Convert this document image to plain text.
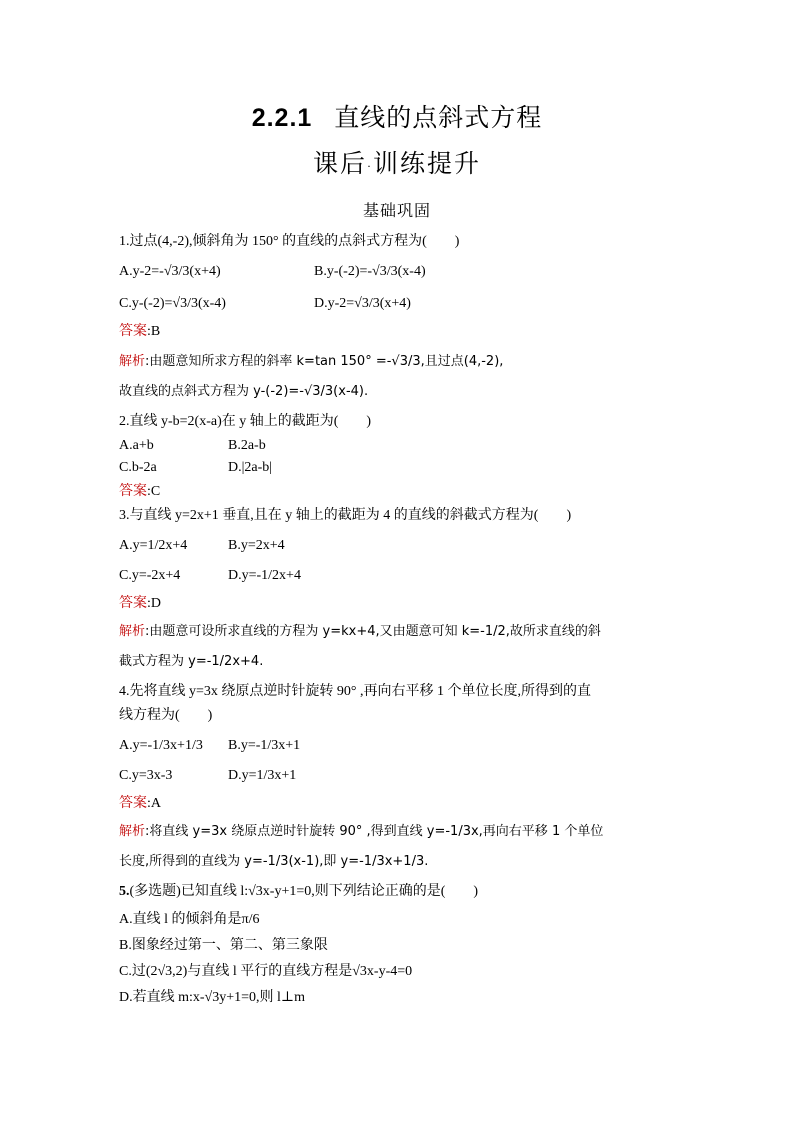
2.2.1 直线的点斜式方程
课后·训练提升
基础巩固
1.过点(4,-2),倾斜角为 150° 的直线的点斜式方程为(　　)
A.y-2=-√3/3(x+4)	B.y-(-2)=-√3/3(x-4)
C.y-(-2)=√3/3(x-4)	D.y-2=√3/3(x+4)
答案:B
解析:由题意知所求方程的斜率 k=tan 150° =-√3/3,且过点(4,-2),
故直线的点斜式方程为 y-(-2)=-√3/3(x-4).
2.直线 y-b=2(x-a)在 y 轴上的截距为(　　)
A.a+b	B.2a-b
C.b-2a	D.|2a-b|
答案:C
3.与直线 y=2x+1 垂直,且在 y 轴上的截距为 4 的直线的斜截式方程为(　　)
A.y=1/2x+4	B.y=2x+4
C.y=-2x+4	D.y=-1/2x+4
答案:D
解析:由题意可设所求直线的方程为 y=kx+4,又由题意可知 k=-1/2,故所求直线的斜
截式方程为 y=-1/2x+4.
4.先将直线 y=3x 绕原点逆时针旋转 90° ,再向右平移 1 个单位长度,所得到的直
线方程为(　　)
A.y=-1/3x+1/3 B.y=-1/3x+1
C.y=3x-3	D.y=1/3x+1
答案:A
解析:将直线 y=3x 绕原点逆时针旋转 90° ,得到直线 y=-1/3x,再向右平移 1 个单位
长度,所得到的直线为 y=-1/3(x-1),即 y=-1/3x+1/3.
5.(多选题)已知直线 l:√3x-y+1=0,则下列结论正确的是(　　)
A.直线 l 的倾斜角是π/6
B.图象经过第一、第二、第三象限
C.过(2√3,2)与直线 l 平行的直线方程是√3x-y-4=0
D.若直线 m:x-√3y+1=0,则 l⊥m
